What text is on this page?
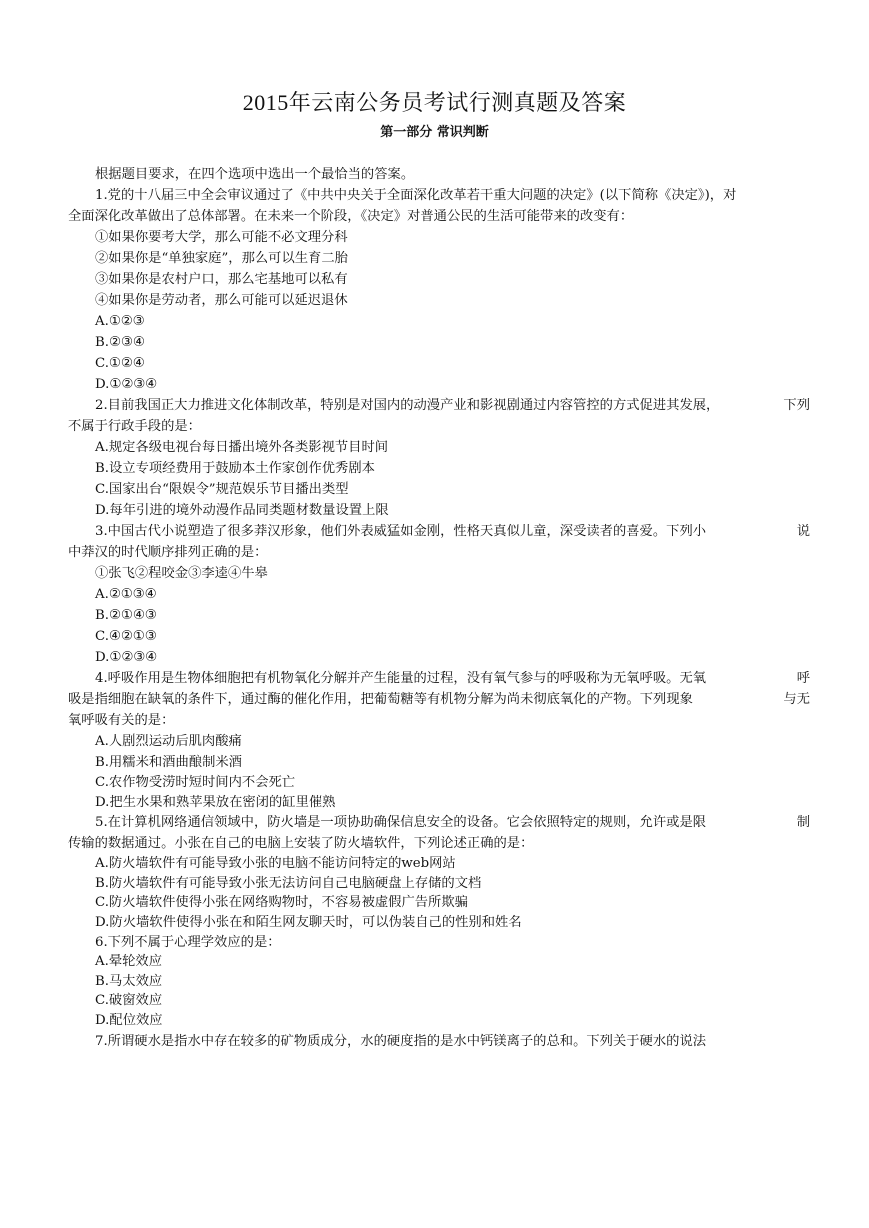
2015年云南公务员考试行测真题及答案
第一部分 常识判断
根据题目要求，在四个选项中选出一个最恰当的答案。
1.党的十八届三中全会审议通过了《中共中央关于全面深化改革若干重大问题的决定》(以下简称《决定》)，对
全面深化改革做出了总体部署。在未来一个阶段，《决定》对普通公民的生活可能带来的改变有：
①如果你要考大学，那么可能不必文理分科
②如果你是“单独家庭”，那么可以生育二胎
③如果你是农村户口，那么宅基地可以私有
④如果你是劳动者，那么可能可以延迟退休
A.①②③
B.②③④
C.①②④
D.①②③④
2.目前我国正大力推进文化体制改革，特别是对国内的动漫产业和影视剧通过内容管控的方式促进其发展，	下列
不属于行政手段的是：
A.规定各级电视台每日播出境外各类影视节目时间
B.设立专项经费用于鼓励本土作家创作优秀剧本
C.国家出台“限娱令”规范娱乐节目播出类型
D.每年引进的境外动漫作品同类题材数量设置上限
3.中国古代小说塑造了很多莽汉形象，他们外表威猛如金刚，性格天真似儿童，深受读者的喜爱。下列小	说
中莽汉的时代顺序排列正确的是：
①张飞②程咬金③李逵④牛皋
A.②①③④
B.②①④③
C.④②①③
D.①②③④
4.呼吸作用是生物体细胞把有机物氧化分解并产生能量的过程，没有氧气参与的呼吸称为无氧呼吸。无氧	呼
吸是指细胞在缺氧的条件下，通过酶的催化作用，把葡萄糖等有机物分解为尚未彻底氧化的产物。下列现象	与无
氧呼吸有关的是：
A.人剧烈运动后肌肉酸痛
B.用糯米和酒曲酿制米酒
C.农作物受涝时短时间内不会死亡
D.把生水果和熟苹果放在密闭的缸里催熟
5.在计算机网络通信领域中，防火墙是一项协助确保信息安全的设备。它会依照特定的规则，允许或是限	制
传输的数据通过。小张在自己的电脑上安装了防火墙软件，下列论述正确的是：
A.防火墙软件有可能导致小张的电脑不能访问特定的web网站
B.防火墙软件有可能导致小张无法访问自己电脑硬盘上存储的文档
C.防火墙软件使得小张在网络购物时，不容易被虚假广告所欺骗
D.防火墙软件使得小张在和陌生网友聊天时，可以伪装自己的性别和姓名
6.下列不属于心理学效应的是：
A.晕轮效应
B.马太效应
C.破窗效应
D.配位效应
7.所谓硬水是指水中存在较多的矿物质成分，水的硬度指的是水中钙镁离子的总和。下列关于硬水的说法
